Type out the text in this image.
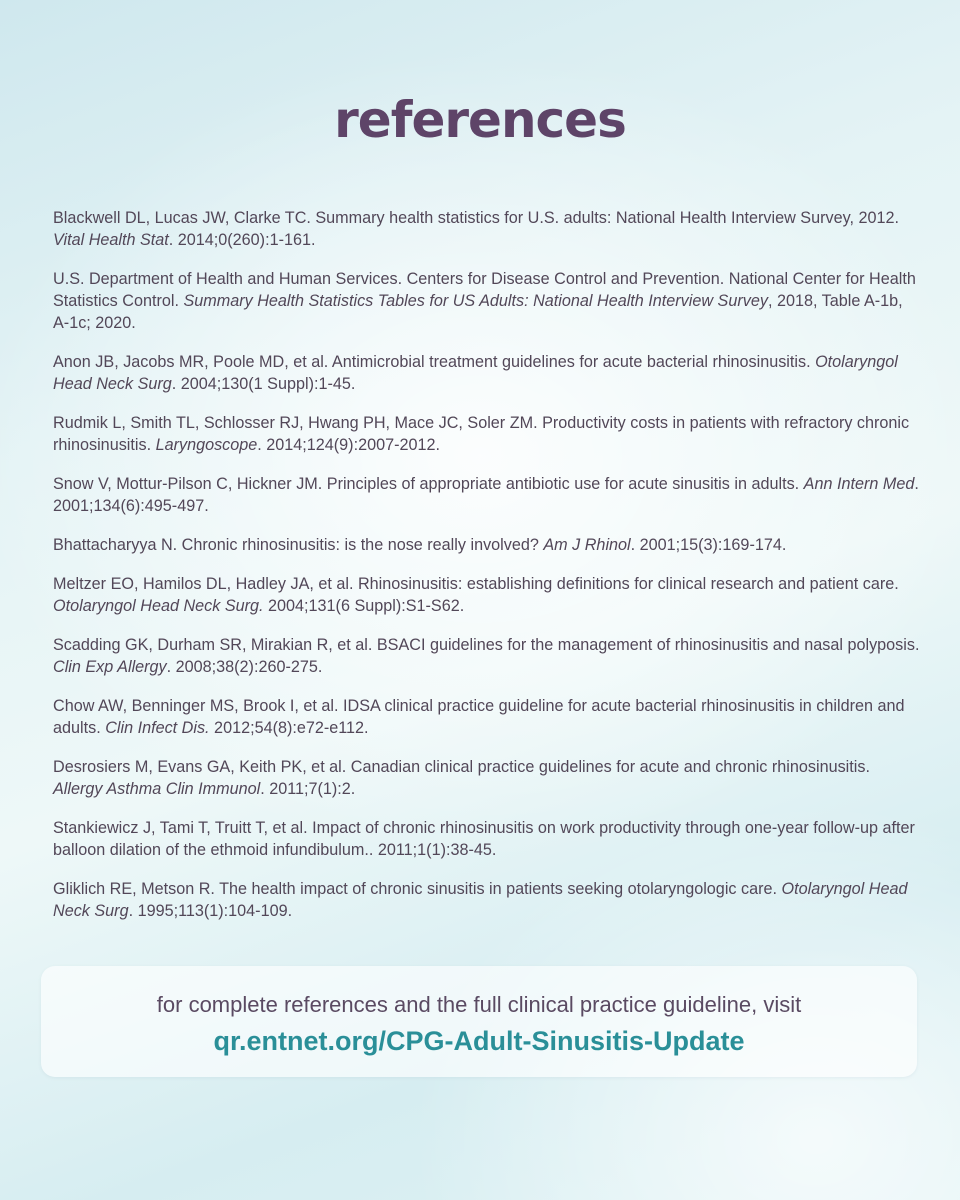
references
Blackwell DL, Lucas JW, Clarke TC. Summary health statistics for U.S. adults: National Health Interview Survey, 2012. Vital Health Stat. 2014;0(260):1-161.
U.S. Department of Health and Human Services. Centers for Disease Control and Prevention. National Center for Health Statistics Control. Summary Health Statistics Tables for US Adults: National Health Interview Survey, 2018, Table A-1b, A-1c; 2020.
Anon JB, Jacobs MR, Poole MD, et al. Antimicrobial treatment guidelines for acute bacterial rhinosinusitis. Otolaryngol Head Neck Surg. 2004;130(1 Suppl):1-45.
Rudmik L, Smith TL, Schlosser RJ, Hwang PH, Mace JC, Soler ZM. Productivity costs in patients with refractory chronic rhinosinusitis. Laryngoscope. 2014;124(9):2007-2012.
Snow V, Mottur-Pilson C, Hickner JM. Principles of appropriate antibiotic use for acute sinusitis in adults. Ann Intern Med. 2001;134(6):495-497.
Bhattacharyya N. Chronic rhinosinusitis: is the nose really involved? Am J Rhinol. 2001;15(3):169-174.
Meltzer EO, Hamilos DL, Hadley JA, et al. Rhinosinusitis: establishing definitions for clinical research and patient care. Otolaryngol Head Neck Surg. 2004;131(6 Suppl):S1-S62.
Scadding GK, Durham SR, Mirakian R, et al. BSACI guidelines for the management of rhinosinusitis and nasal polyposis. Clin Exp Allergy. 2008;38(2):260-275.
Chow AW, Benninger MS, Brook I, et al. IDSA clinical practice guideline for acute bacterial rhinosinusitis in children and adults. Clin Infect Dis. 2012;54(8):e72-e112.
Desrosiers M, Evans GA, Keith PK, et al. Canadian clinical practice guidelines for acute and chronic rhinosinusitis. Allergy Asthma Clin Immunol. 2011;7(1):2.
Stankiewicz J, Tami T, Truitt T, et al. Impact of chronic rhinosinusitis on work productivity through one-year follow-up after balloon dilation of the ethmoid infundibulum.. 2011;1(1):38-45.
Gliklich RE, Metson R. The health impact of chronic sinusitis in patients seeking otolaryngologic care. Otolaryngol Head Neck Surg. 1995;113(1):104-109.

for complete references and the full clinical practice guideline, visit

qr.entnet.org/CPG-Adult-Sinusitis-Update
